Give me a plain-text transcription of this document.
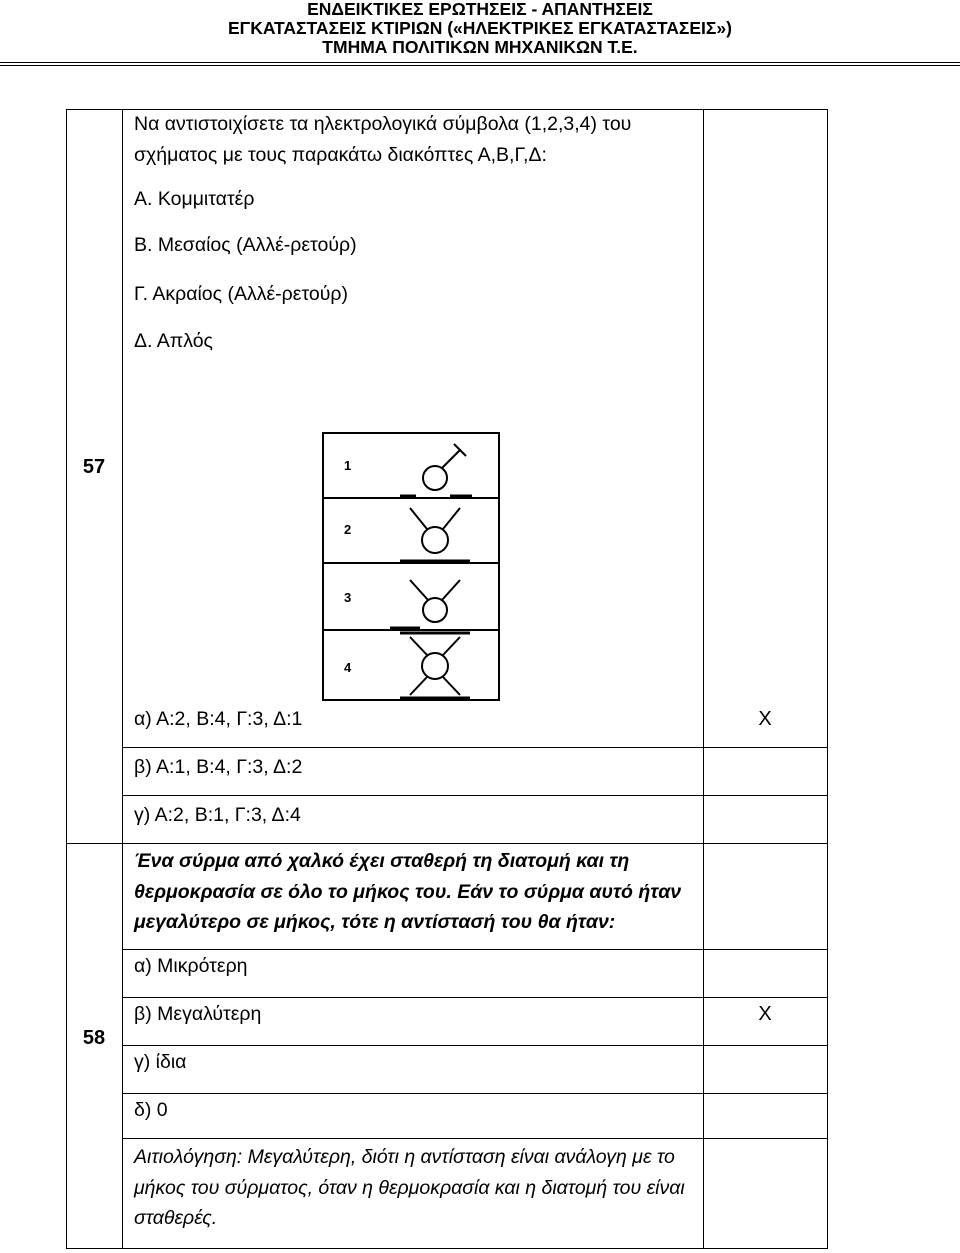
ΕΝΔΕΙΚΤΙΚΕΣ ΕΡΩΤΗΣΕΙΣ - ΑΠΑΝΤΗΣΕΙΣ
ΕΓΚΑΤΑΣΤΑΣΕΙΣ ΚΤΙΡΙΩΝ («ΗΛΕΚΤΡΙΚΕΣ ΕΓΚΑΤΑΣΤΑΣΕΙΣ»)
ΤΜΗΜΑ ΠΟΛΙΤΙΚΩΝ ΜΗΧΑΝΙΚΩΝ Τ.Ε.
57
Να αντιστοιχίσετε τα ηλεκτρολογικά σύμβολα (1,2,3,4) του
σχήματος με τους παρακάτω διακόπτες Α,Β,Γ,Δ:
Α. Κομμιτατέρ
Β. Μεσαίος (Αλλέ-ρετούρ)
Γ. Ακραίος (Αλλέ-ρετούρ)
Δ. Απλός
1
2
3
4
α) Α:2, Β:4, Γ:3, Δ:1
β) Α:1, Β:4, Γ:3, Δ:2
γ) Α:2, Β:1, Γ:3, Δ:4
X
58
Ένα σύρμα από χαλκό έχει σταθερή τη διατομή και τη
θερμοκρασία σε όλο το μήκος του. Εάν το σύρμα αυτό ήταν
μεγαλύτερο σε μήκος, τότε η αντίστασή του θα ήταν:
α) Μικρότερη
β) Μεγαλύτερη
γ) ίδια
δ) 0
X
Αιτιολόγηση: Μεγαλύτερη, διότι η αντίσταση είναι ανάλογη με το
μήκος του σύρματος, όταν η θερμοκρασία και η διατομή του είναι
σταθερές.
